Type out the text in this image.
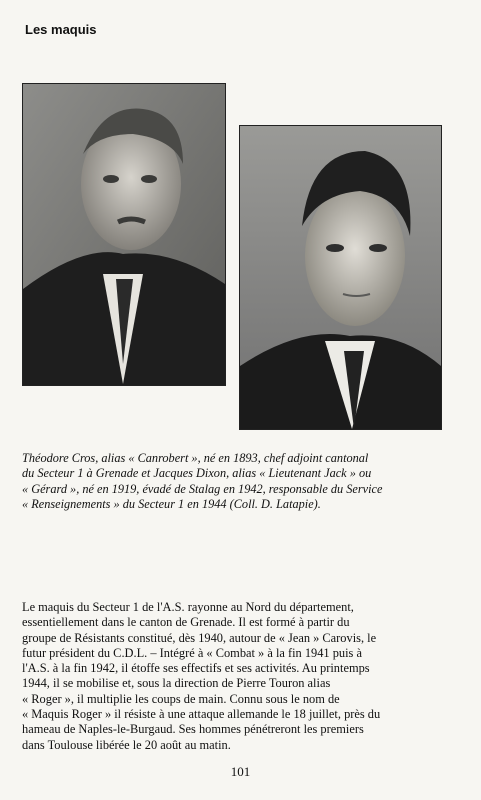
Les maquis
Théodore Cros, alias « Canrobert », né en 1893, chef adjoint cantonal
du Secteur 1 à Grenade et Jacques Dixon, alias « Lieutenant Jack » ou
« Gérard », né en 1919, évadé de Stalag en 1942, responsable du Service
« Renseignements » du Secteur 1 en 1944 (Coll. D. Latapie).
Le maquis du Secteur 1 de l'A.S. rayonne au Nord du département,
essentiellement dans le canton de Grenade. Il est formé à partir du
groupe de Résistants constitué, dès 1940, autour de « Jean » Carovis, le
futur président du C.D.L. – Intégré à « Combat » à la fin 1941 puis à
l'A.S. à la fin 1942, il étoffe ses effectifs et ses activités. Au printemps
1944, il se mobilise et, sous la direction de Pierre Touron alias
« Roger », il multiplie les coups de main. Connu sous le nom de
« Maquis Roger » il résiste à une attaque allemande le 18 juillet, près du
hameau de Naples-le-Burgaud. Ses hommes pénétreront les premiers
dans Toulouse libérée le 20 août au matin.
101
